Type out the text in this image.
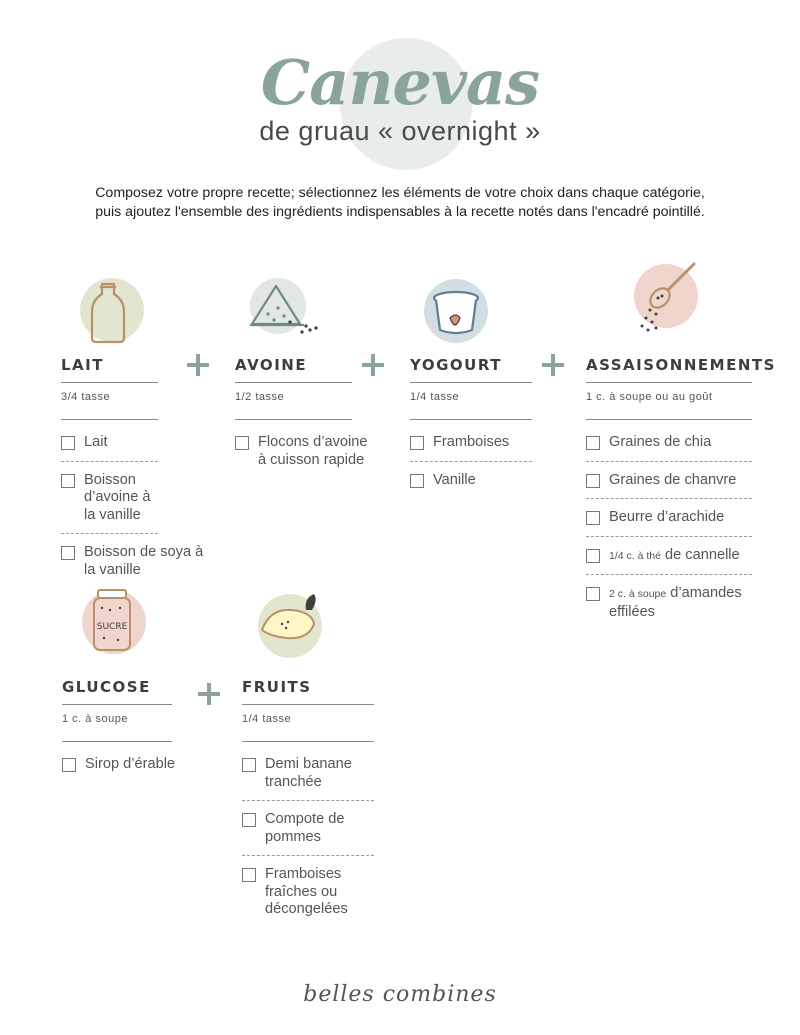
Canevas
de gruau « overnight »
Composez votre propre recette; sélectionnez les éléments de votre choix dans chaque catégorie,
puis ajoutez l'ensemble des ingrédients indispensables à la recette notés dans l'encadré pointillé.
SUCRE
LAIT
3/4 tasse
Lait
Boisson d’avoine à la vanille
Boisson de soya à la vanille
AVOINE
1/2 tasse
Flocons d’avoine à cuisson rapide
YOGOURT
1/4 tasse
Framboises
Vanille
ASSAISONNEMENTS
1 c. à soupe ou au goût
Graines de chia
Graines de chanvre
Beurre d’arachide
1/4 c. à thé de cannelle
2 c. à soupe d’amandes effilées
GLUCOSE
1 c. à soupe
Sirop d’érable
FRUITS
1/4 tasse
Demi banane tranchée
Compote de pommes
Framboises fraîches ou décongelées
belles combines
